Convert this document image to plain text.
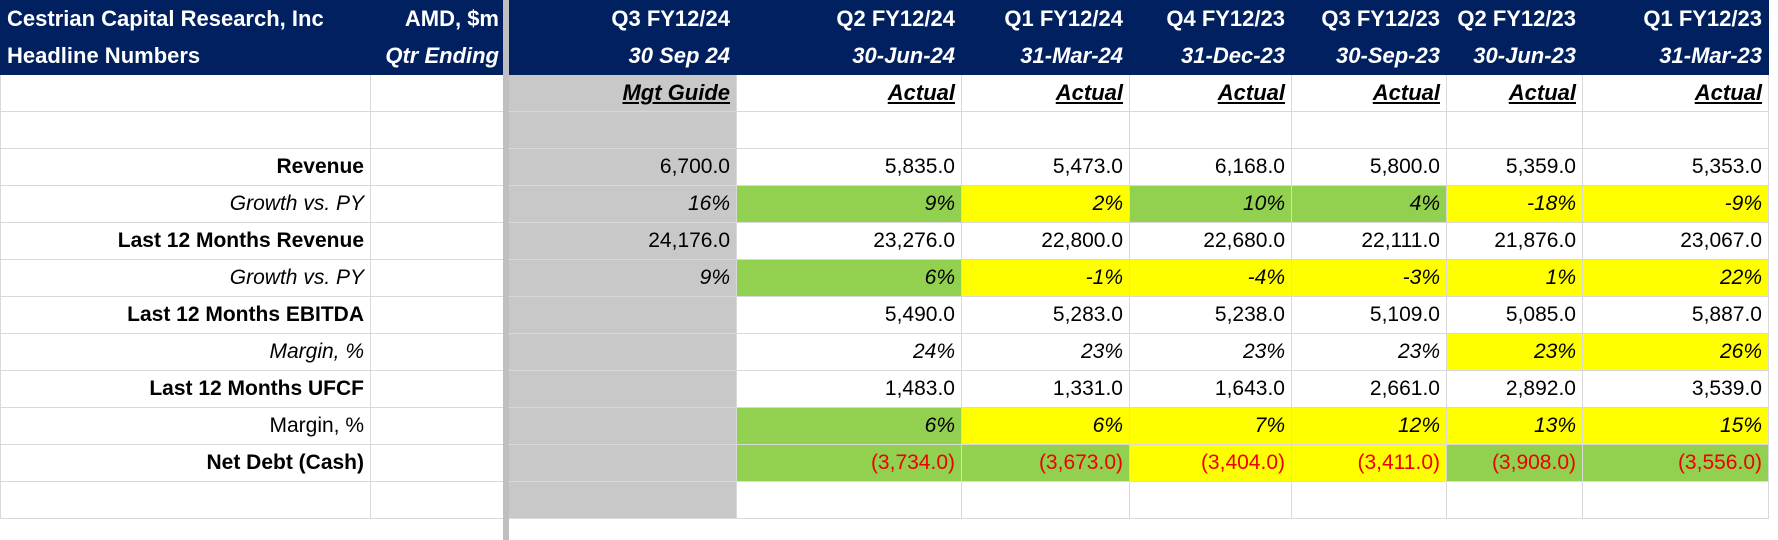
Cestrian Capital Research, Inc	AMD, $m	Q3 FY12/24	Q2 FY12/24	Q1 FY12/24	Q4 FY12/23	Q3 FY12/23	Q2 FY12/23	Q1 FY12/23
Headline Numbers	Qtr Ending	30 Sep 24	30-Jun-24	31-Mar-24	31-Dec-23	30-Sep-23	30-Jun-23	31-Mar-23
		Mgt Guide	Actual	Actual	Actual	Actual	Actual	Actual

Revenue		6,700.0	5,835.0	5,473.0	6,168.0	5,800.0	5,359.0	5,353.0
Growth vs. PY		16%	9%	2%	10%	4%	-18%	-9%
Last 12 Months Revenue		24,176.0	23,276.0	22,800.0	22,680.0	22,111.0	21,876.0	23,067.0
Growth vs. PY		9%	6%	-1%	-4%	-3%	1%	22%
Last 12 Months EBITDA			5,490.0	5,283.0	5,238.0	5,109.0	5,085.0	5,887.0
Margin, %			24%	23%	23%	23%	23%	26%
Last 12 Months UFCF			1,483.0	1,331.0	1,643.0	2,661.0	2,892.0	3,539.0
Margin, %			6%	6%	7%	12%	13%	15%
Net Debt (Cash)			(3,734.0)	(3,673.0)	(3,404.0)	(3,411.0)	(3,908.0)	(3,556.0)
